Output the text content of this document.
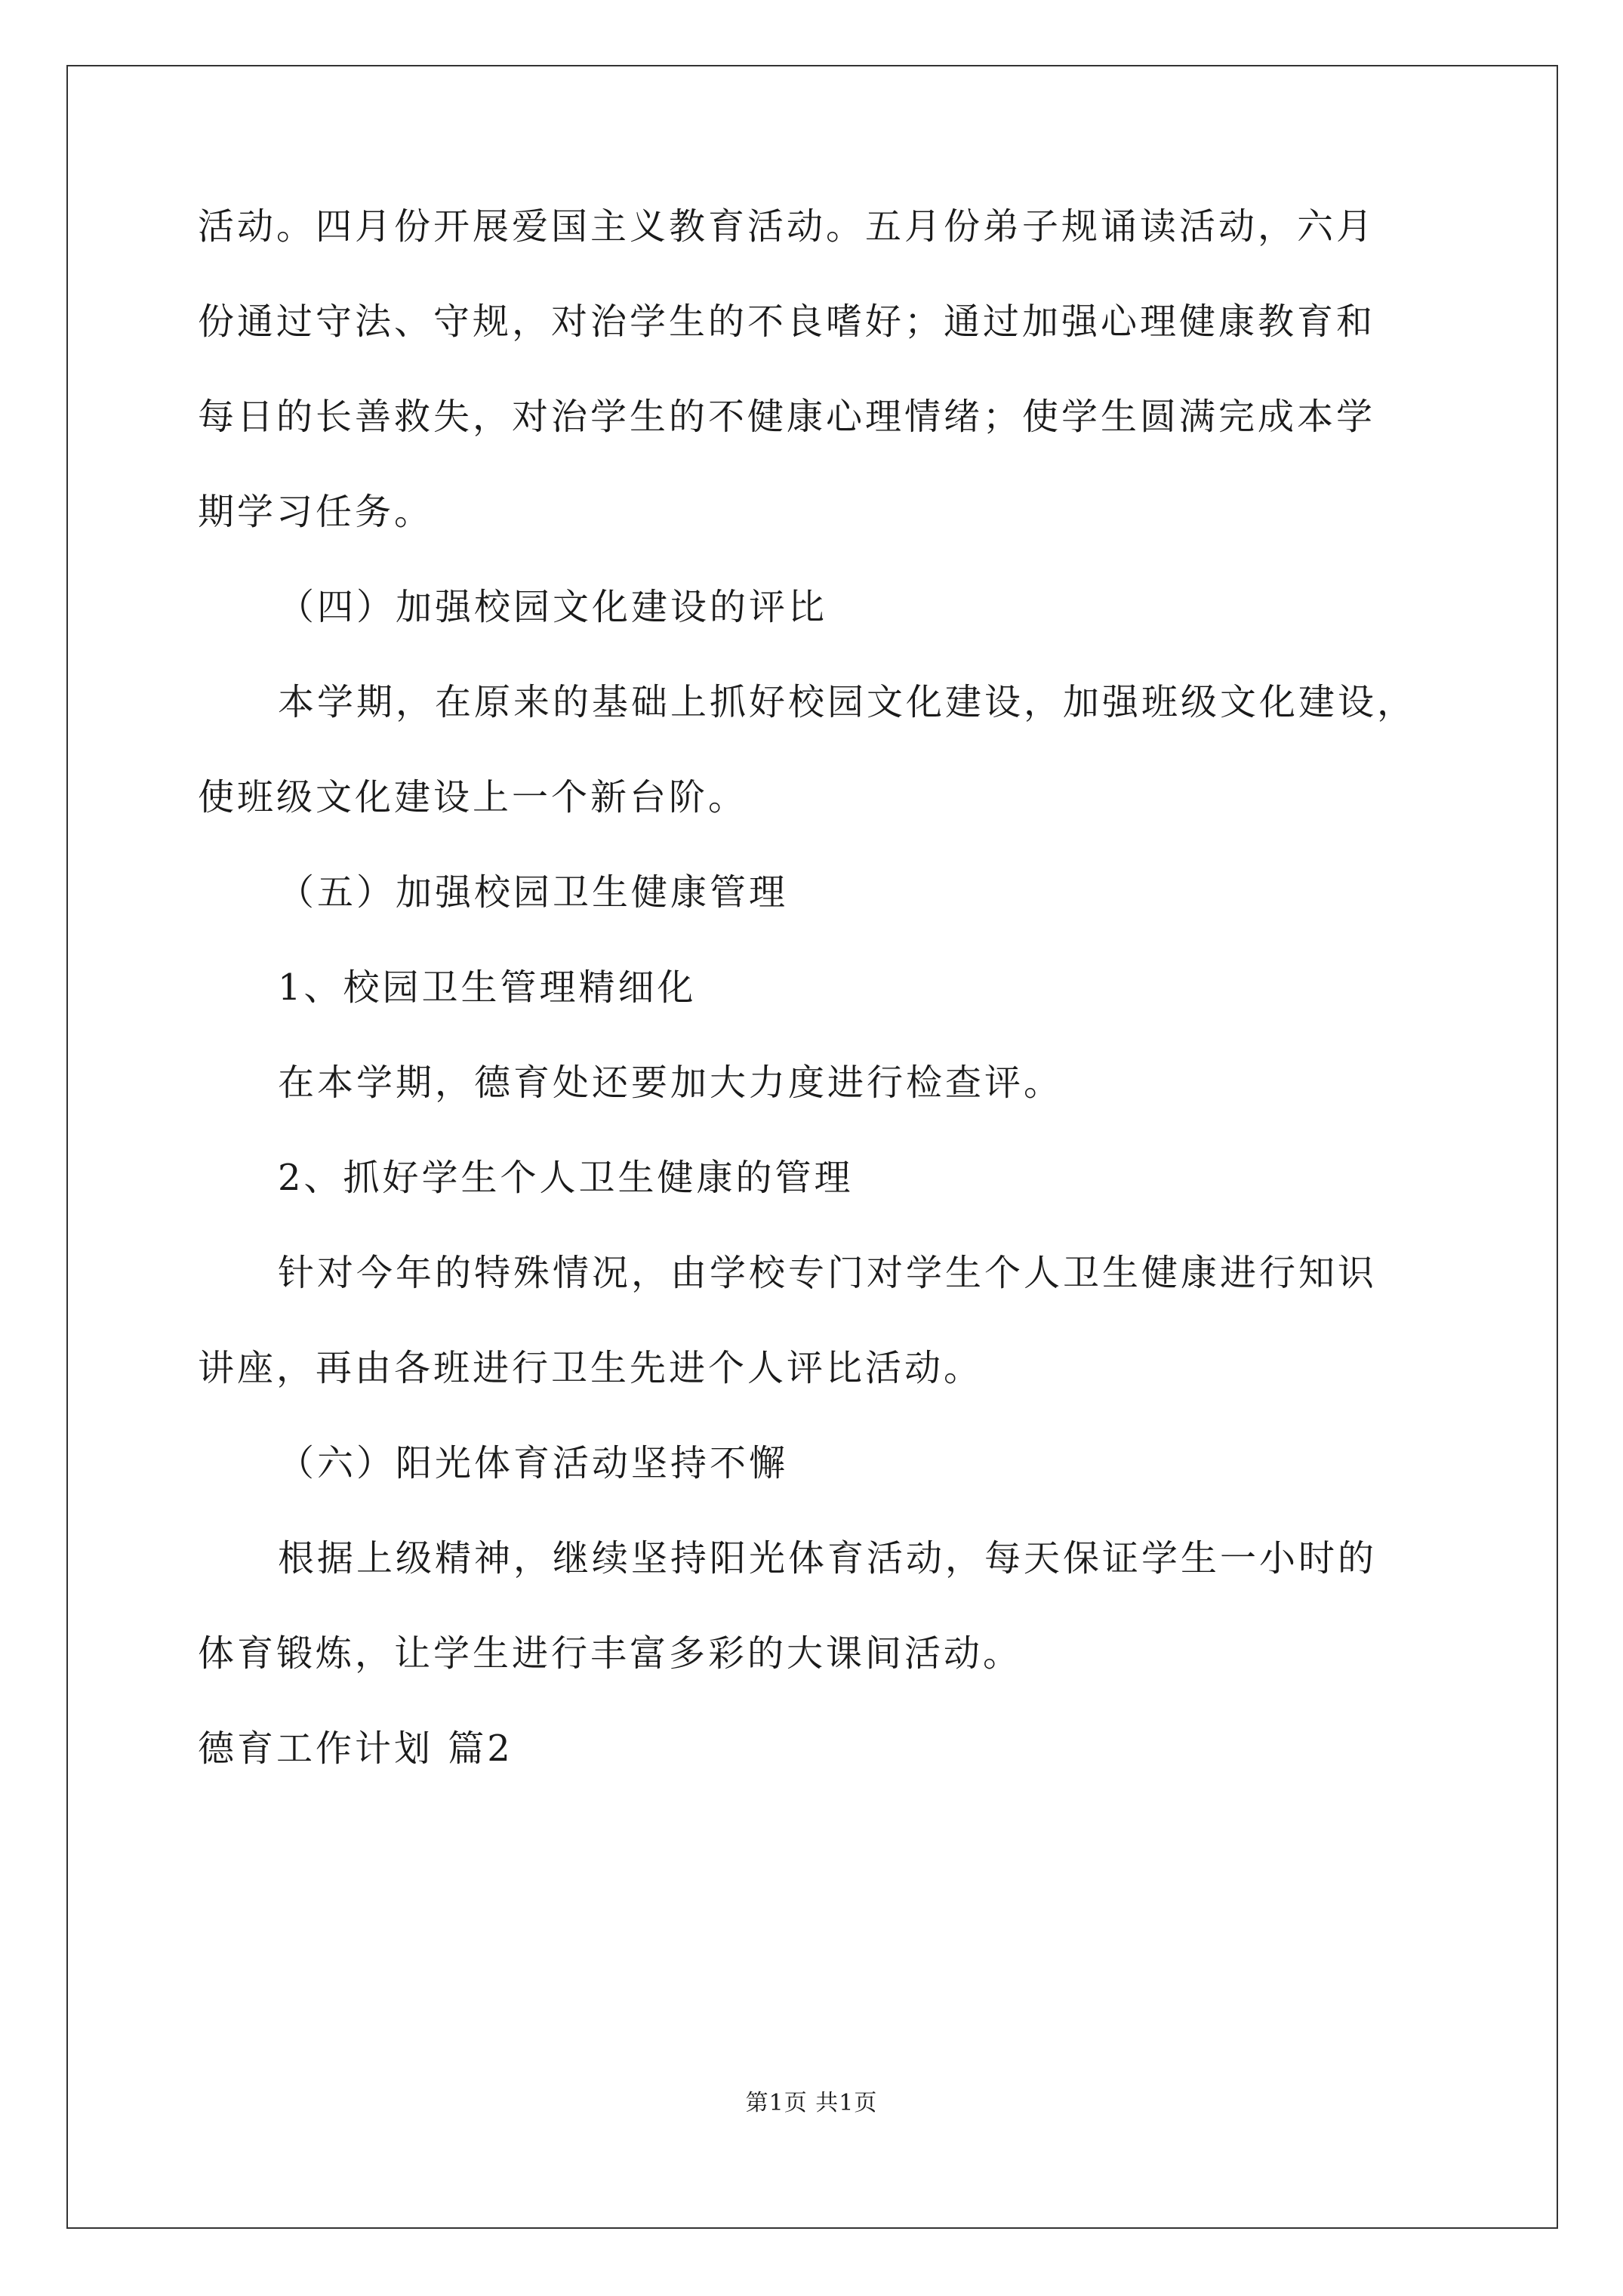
活动。四月份开展爱国主义教育活动。五月份弟子规诵读活动，六月
份通过守法、守规，对治学生的不良嗜好；通过加强心理健康教育和
每日的长善救失，对治学生的不健康心理情绪；使学生圆满完成本学
期学习任务。
（四）加强校园文化建设的评比
本学期，在原来的基础上抓好校园文化建设，加强班级文化建设，
使班级文化建设上一个新台阶。
（五）加强校园卫生健康管理
1、校园卫生管理精细化
在本学期，德育处还要加大力度进行检查评。
2、抓好学生个人卫生健康的管理
针对今年的特殊情况，由学校专门对学生个人卫生健康进行知识
讲座，再由各班进行卫生先进个人评比活动。
（六）阳光体育活动坚持不懈
根据上级精神，继续坚持阳光体育活动，每天保证学生一小时的
体育锻炼，让学生进行丰富多彩的大课间活动。
德育工作计划 篇2
第1页 共1页
